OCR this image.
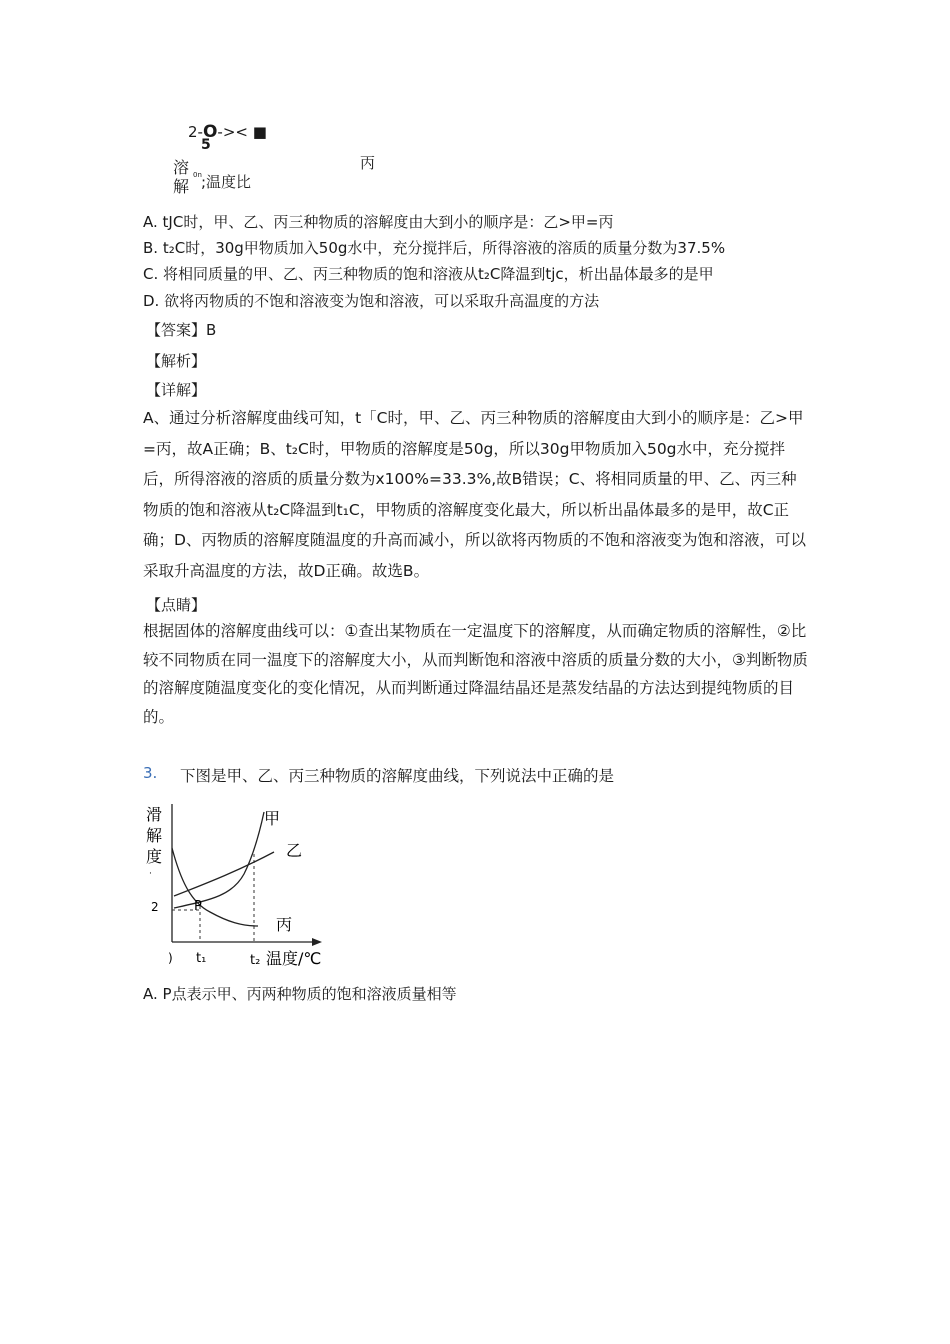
2-O->< ■
5
溶
解
0n ;温度比
丙
A. tJC时，甲、乙、丙三种物质的溶解度由大到小的顺序是：乙>甲=丙
B. t₂C时，30g甲物质加入50g水中，充分搅拌后，所得溶液的溶质的质量分数为37.5%
C. 将相同质量的甲、乙、丙三种物质的饱和溶液从t₂C降温到tjc，析出晶体最多的是甲
D. 欲将丙物质的不饱和溶液变为饱和溶液，可以采取升高温度的方法
【答案】B
【解析】
【详解】
A、通过分析溶解度曲线可知，t「C时，甲、乙、丙三种物质的溶解度由大到小的顺序是：乙>甲=丙，故A正确；B、t₂C时，甲物质的溶解度是50g，所以30g甲物质加入50g水中，充分搅拌后，所得溶液的溶质的质量分数为x100%=33.3%,故B错误；C、将相同质量的甲、乙、丙三种物质的饱和溶液从t₂C降温到t₁C，甲物质的溶解度变化最大，所以析出晶体最多的是甲，故C正确；D、丙物质的溶解度随温度的升高而减小，所以欲将丙物质的不饱和溶液变为饱和溶液，可以采取升高温度的方法，故D正确。故选B。
【点睛】
根据固体的溶解度曲线可以：①查出某物质在一定温度下的溶解度，从而确定物质的溶解性，②比较不同物质在同一温度下的溶解度大小，从而判断饱和溶液中溶质的质量分数的大小，③判断物质的溶解度随温度变化的变化情况，从而判断通过降温结晶还是蒸发结晶的方法达到提纯物质的目的。
3. 下图是甲、乙、丙三种物质的溶解度曲线，下列说法中正确的是
滑
解
度
·
2	P
甲
乙
丙
) t₁	t₂ 温度/℃
A. P点表示甲、丙两种物质的饱和溶液质量相等
